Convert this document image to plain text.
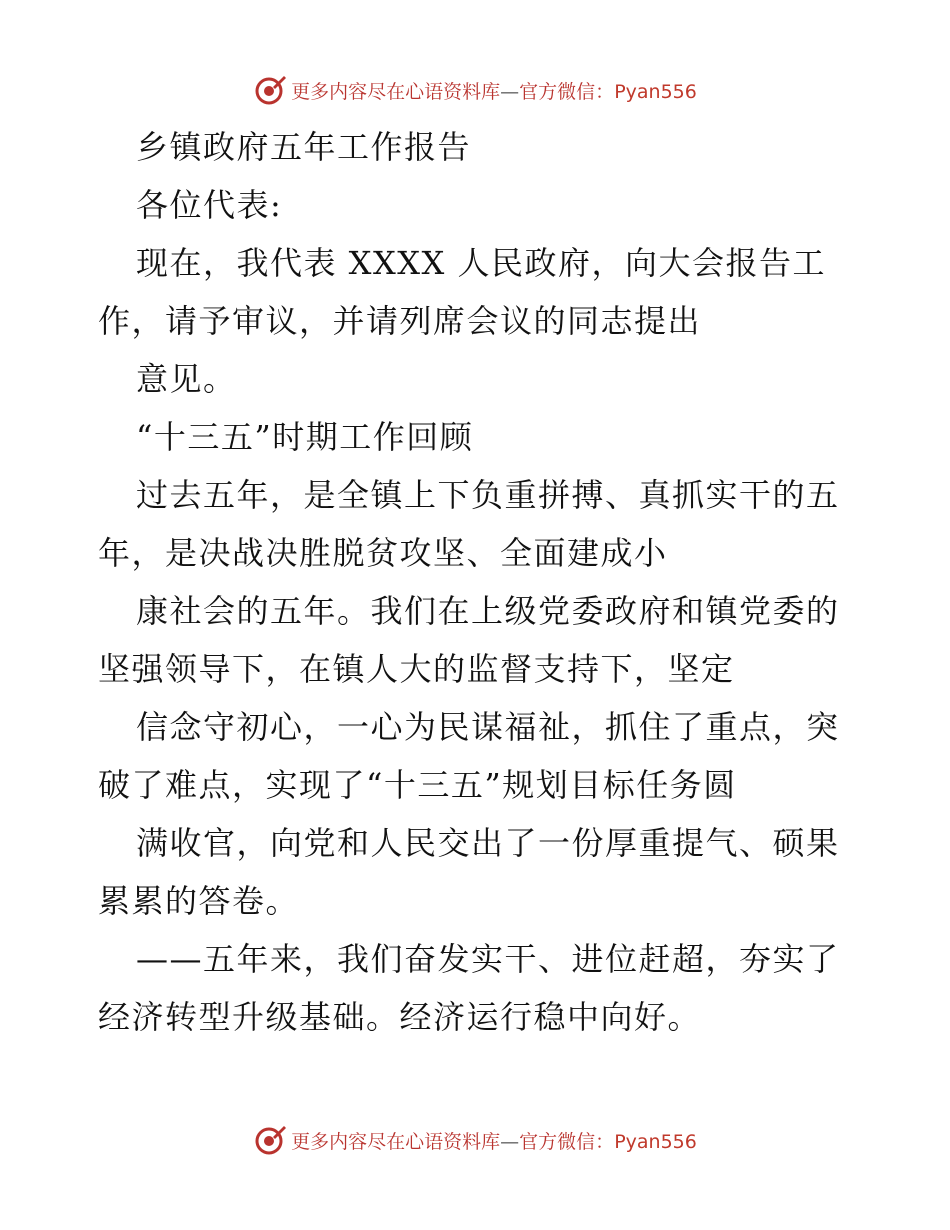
更多内容尽在心语资料库—官方微信：Pyan556
乡镇政府五年工作报告
各位代表:
现在，我代表 XXXX 人民政府，向大会报告工
作，请予审议，并请列席会议的同志提出
意见。
“十三五”时期工作回顾
过去五年，是全镇上下负重拼搏、真抓实干的五
年，是决战决胜脱贫攻坚、全面建成小
康社会的五年。我们在上级党委政府和镇党委的
坚强领导下，在镇人大的监督支持下，坚定
信念守初心，一心为民谋福祉，抓住了重点，突
破了难点，实现了“十三五”规划目标任务圆
满收官，向党和人民交出了一份厚重提气、硕果
累累的答卷。
——五年来，我们奋发实干、进位赶超，夯实了
经济转型升级基础。经济运行稳中向好。
更多内容尽在心语资料库—官方微信：Pyan556
